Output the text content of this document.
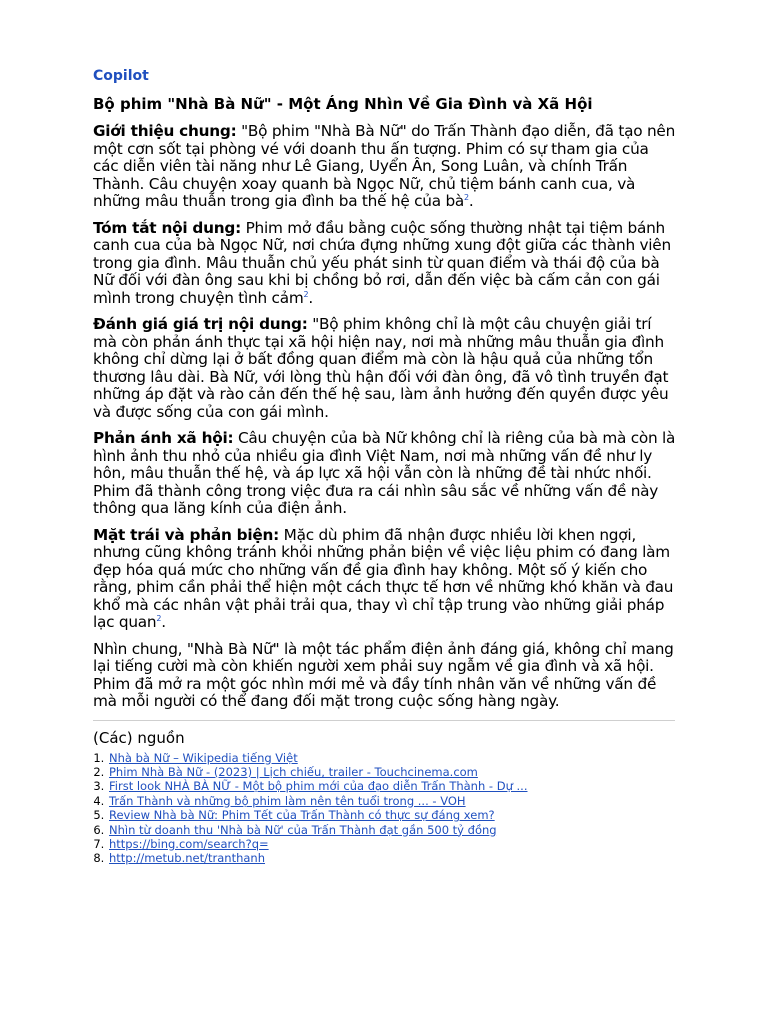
Copilot
Bộ phim "Nhà Bà Nữ" - Một Áng Nhìn Về Gia Đình và Xã Hội

Giới thiệu chung: "Bộ phim "Nhà Bà Nữ" do Trấn Thành đạo diễn, đã tạo nên một cơn sốt tại phòng vé với doanh thu ấn tượng. Phim có sự tham gia của các diễn viên tài năng như Lê Giang, Uyển Ân, Song Luân, và chính Trấn Thành. Câu chuyện xoay quanh bà Ngọc Nữ, chủ tiệm bánh canh cua, và những mâu thuẫn trong gia đình ba thế hệ của bà$^2$.

Tóm tắt nội dung: Phim mở đầu bằng cuộc sống thường nhật tại tiệm bánh canh cua của bà Ngọc Nữ, nơi chứa đựng những xung đột giữa các thành viên trong gia đình. Mâu thuẫn chủ yếu phát sinh từ quan điểm và thái độ của bà Nữ đối với đàn ông sau khi bị chồng bỏ rơi, dẫn đến việc bà cấm cản con gái mình trong chuyện tình cảm$^2$.

Đánh giá giá trị nội dung: "Bộ phim không chỉ là một câu chuyện giải trí mà còn phản ánh thực tại xã hội hiện nay, nơi mà những mâu thuẫn gia đình không chỉ dừng lại ở bất đồng quan điểm mà còn là hậu quả của những tổn thương lâu dài. Bà Nữ, với lòng thù hận đối với đàn ông, đã vô tình truyền đạt những áp đặt và rào cản đến thế hệ sau, làm ảnh hưởng đến quyền được yêu và được sống của con gái mình.

Phản ánh xã hội: Câu chuyện của bà Nữ không chỉ là riêng của bà mà còn là hình ảnh thu nhỏ của nhiều gia đình Việt Nam, nơi mà những vấn đề như ly hôn, mâu thuẫn thế hệ, và áp lực xã hội vẫn còn là những đề tài nhức nhối. Phim đã thành công trong việc đưa ra cái nhìn sâu sắc về những vấn đề này thông qua lăng kính của điện ảnh.

Mặt trái và phản biện: Mặc dù phim đã nhận được nhiều lời khen ngợi, nhưng cũng không tránh khỏi những phản biện về việc liệu phim có đang làm đẹp hóa quá mức cho những vấn đề gia đình hay không. Một số ý kiến cho rằng, phim cần phải thể hiện một cách thực tế hơn về những khó khăn và đau khổ mà các nhân vật phải trải qua, thay vì chỉ tập trung vào những giải pháp lạc quan$^2$.

Nhìn chung, "Nhà Bà Nữ" là một tác phẩm điện ảnh đáng giá, không chỉ mang lại tiếng cười mà còn khiến người xem phải suy ngẫm về gia đình và xã hội. Phim đã mở ra một góc nhìn mới mẻ và đầy tính nhân văn về những vấn đề mà mỗi người có thể đang đối mặt trong cuộc sống hàng ngày.

(Các) nguồn
1. Nhà bà Nữ – Wikipedia tiếng Việt
2. Phim Nhà Bà Nữ - (2023) | Lịch chiếu, trailer - Touchcinema.com
3. First look NHÀ BÀ NỮ - Một bộ phim mới của đạo diễn Trấn Thành - Dự ...
4. Trấn Thành và những bộ phim làm nên tên tuổi trong ... - VOH
5. Review Nhà bà Nữ: Phim Tết của Trấn Thành có thực sự đáng xem?
6. Nhìn từ doanh thu 'Nhà bà Nữ' của Trấn Thành đạt gần 500 tỷ đồng
7. https://bing.com/search?q=
8. http://metub.net/tranthanh
